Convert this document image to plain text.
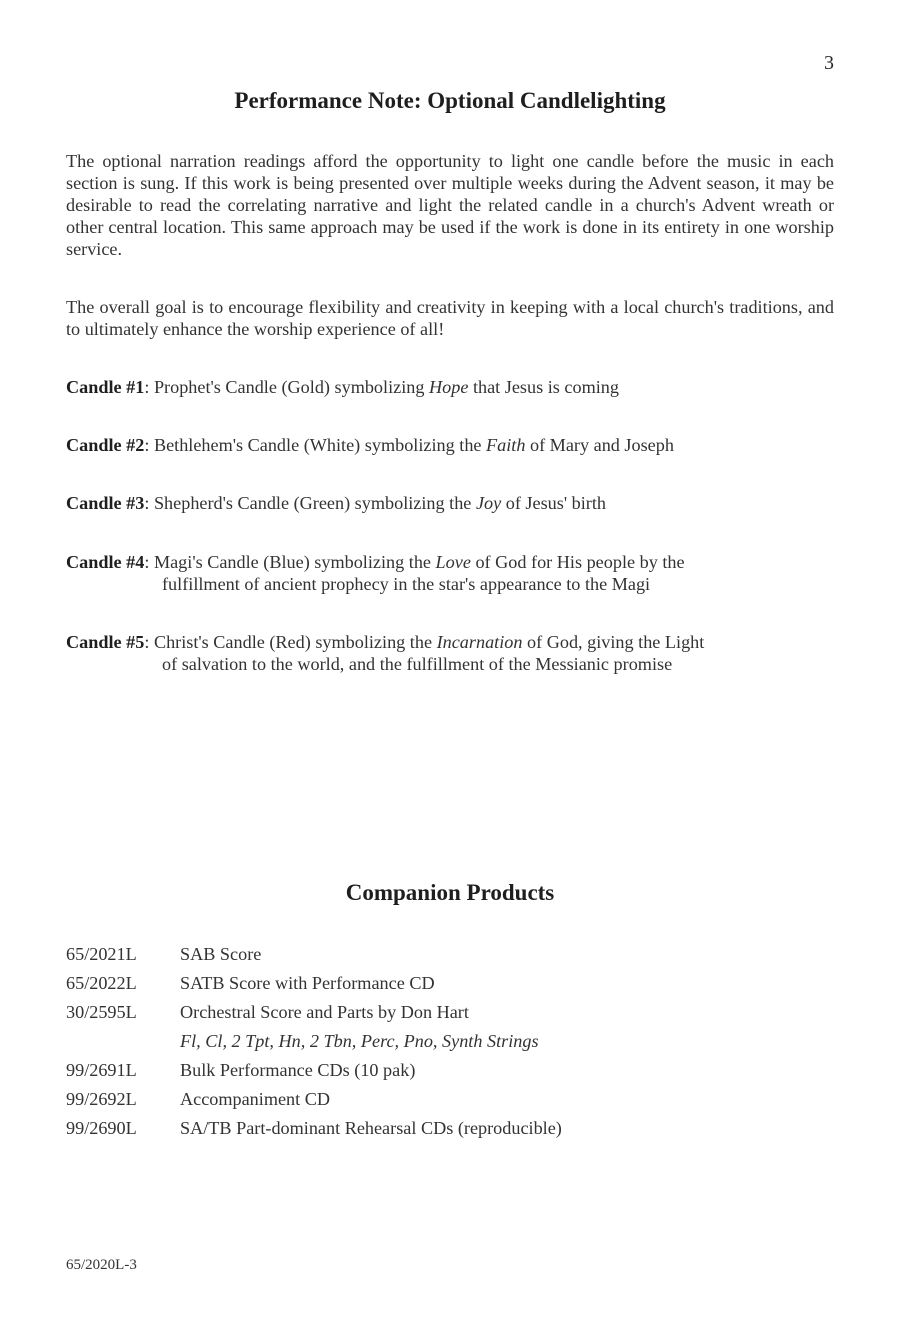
3
Performance Note: Optional Candlelighting

The optional narration readings afford the opportunity to light one candle before the music in each section is sung. If this work is being presented over multiple weeks during the Advent season, it may be desirable to read the correlating narrative and light the related candle in a church's Advent wreath or other central location. This same approach may be used if the work is done in its entirety in one worship service.

The overall goal is to encourage flexibility and creativity in keeping with a local church's traditions, and to ultimately enhance the worship experience of all!

Candle #1: Prophet's Candle (Gold) symbolizing Hope that Jesus is coming

Candle #2: Bethlehem's Candle (White) symbolizing the Faith of Mary and Joseph

Candle #3: Shepherd's Candle (Green) symbolizing the Joy of Jesus' birth

Candle #4: Magi's Candle (Blue) symbolizing the Love of God for His people by the
fulfillment of ancient prophecy in the star's appearance to the Magi

Candle #5: Christ's Candle (Red) symbolizing the Incarnation of God, giving the Light
of salvation to the world, and the fulfillment of the Messianic promise

Companion Products
65/2021L SAB Score
65/2022L SATB Score with Performance CD
30/2595L Orchestral Score and Parts by Don Hart
Fl, Cl, 2 Tpt, Hn, 2 Tbn, Perc, Pno, Synth Strings
99/2691L Bulk Performance CDs (10 pak)
99/2692L Accompaniment CD
99/2690L SA/TB Part-dominant Rehearsal CDs (reproducible)
65/2020L-3
